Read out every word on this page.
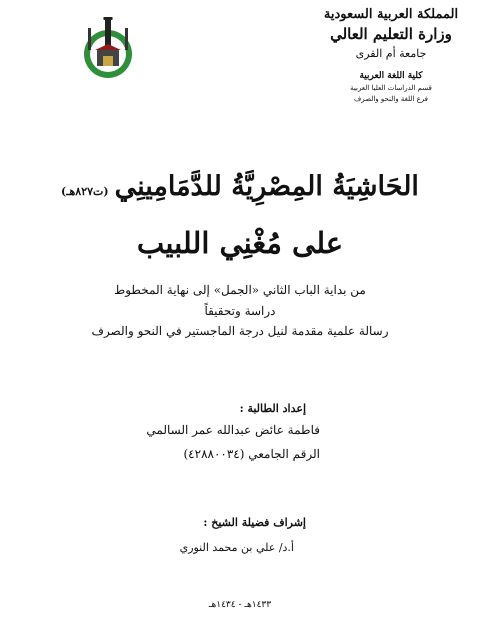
المملكة العربية السعودية
وزارة التعليم العالي
جامعة أم القرى
كلية اللغة العربية
قسم الدراسات العليا العربية
فرع اللغة والنحو والصرف
الحَاشِيَةُ المِصْرِيَّةُ للدَّمَامِينِي(ت٨٢٧هـ)
على مُغْنِي اللبيب
من بداية الباب الثاني «الجمل» إلى نهاية المخطوط
دراسة وتحقيقاً
رسالة علمية مقدمة لنيل درجة الماجستير في النحو والصرف
إعداد الطالبة :
فاطمة عائض عبدالله عمر السالمي
الرقم الجامعي (٤٢٨٨٠٠٣٤)
إشراف فضيلة الشيخ :
أ.د/ علي بن محمد النوري
١٤٣٣هـ - ١٤٣٤هـ
